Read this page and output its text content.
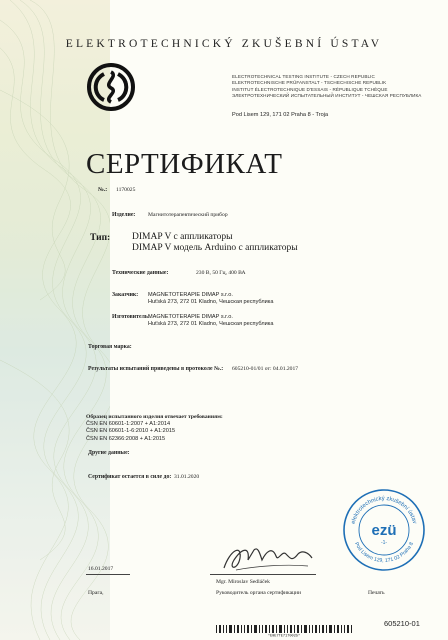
ELEKTROTECHNICKÝ ZKUŠEBNÍ ÚSTAV
ELECTROTECHNICAL TESTING INSTITUTE - CZECH REPUBLIC
ELEKTROTECHNISCHE PRÜFANSTALT - TSCHECHISCHE REPUBLIK
INSTITUT ÉLECTROTECHNIQUE D'ESSAIS - RÉPUBLIQUE TCHÈQUE
ЭЛЕКТРОТЕХНИЧЕСКИЙ ИСПЫТАТЕЛЬНЫЙ ИНСТИТУТ - ЧЕШСКАЯ РЕСПУБЛИКА
Pod Lisem 129, 171 02 Praha 8 - Troja
СЕРТИФИКАТ
№.: 1170025
Изделие: Магнитотерапевтический прибор
Тип: DIMAP V с аппликаторы
DIMAP V модель Arduino с аппликаторы
Технические данные:	230 В, 50 Гц, 400 ВА
Заказчик: MAGNETOTERAPIE DIMAP s.r.o.
Huťská 273, 272 01 Kladno, Чешская республика
Изготовитель:
MAGNETOTERAPIE DIMAP s.r.o.
Huťská 273, 272 01 Kladno, Чешская республика
Торговая марка:
Результаты испытаний приведены в протоколе №.: 605210-01/01 от: 04.01.2017
Образец испытанного изделия отвечает требованиям:
ČSN EN 60601-1:2007 + A1:2014
ČSN EN 60601-1-6:2010 + A1:2015
ČSN EN 62366:2008 + A1:2015
Другие данные:
Сертификат остается в силе до: 31.01.2020
elektrotechnický zkušební ústav
Pod Lisem 129, 171 02 Praha 8
ezü
-1-
16.01.2017
Mgr. Miroslav Sedláček
Прага,	Руководитель органа сертификации	Печать
*E0E7TE7170025*
605210-01
